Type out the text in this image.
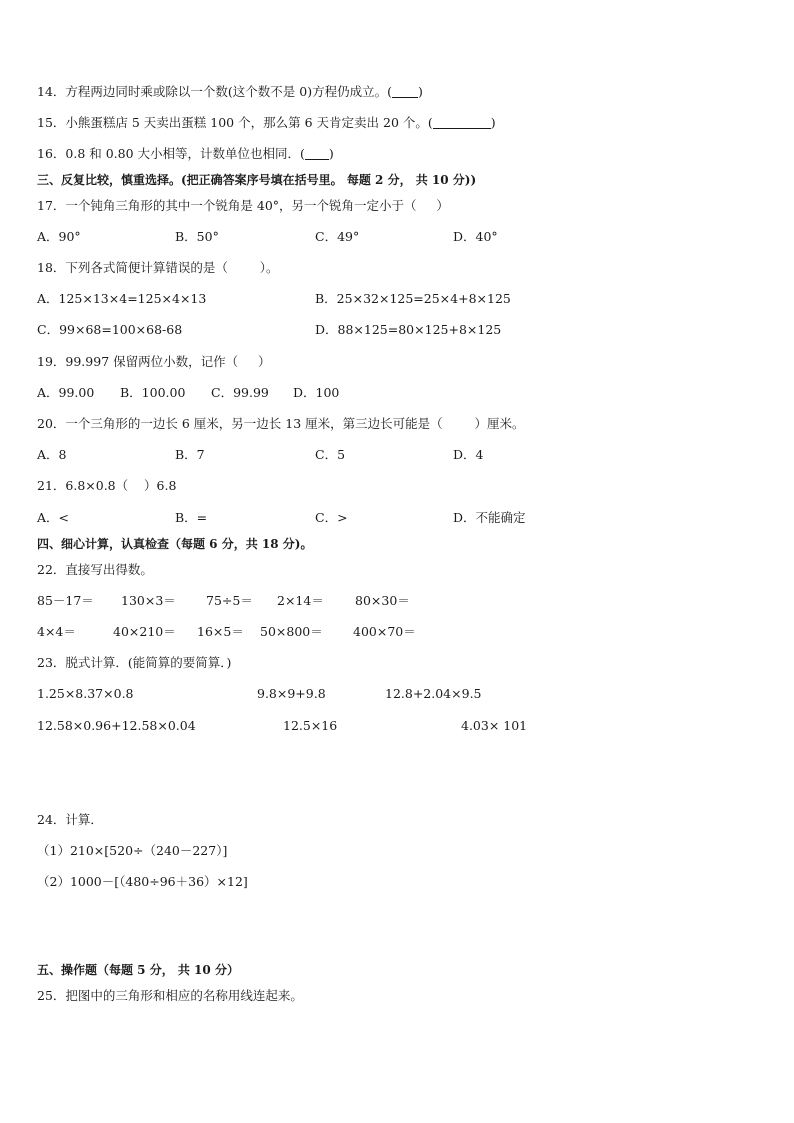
14．方程两边同时乘或除以一个数(这个数不是 0)方程仍成立。( )
15．小熊蛋糕店 5 天卖出蛋糕 100 个，那么第 6 天肯定卖出 20 个。(	)
16．0.8 和 0.80 大小相等，计数单位也相同．( )
三、反复比较，慎重选择。(把正确答案序号填在括号里。 每题 2 分， 共 10 分))
17．一个钝角三角形的其中一个锐角是 40°，另一个锐角一定小于（     ）
A．90°	B．50°	C．49°	D．40°
18．下列各式简便计算错误的是（        ）。
A．125×13×4=125×4×13	B．25×32×125=25×4+8×125
C．99×68=100×68-68	D．88×125=80×125+8×125
19．99.997 保留两位小数，记作（     ）
A．99.00 B．100.00 C．99.99 D．100
20．一个三角形的一边长 6 厘米，另一边长 13 厘米，第三边长可能是（        ）厘米。
A．8	B．7	C．5	D．4
21．6.8×0.8（    ）6.8
A．<	B．=	C．>	D．不能确定
四、细心计算，认真检查（每题 6 分，共 18 分)。
22．直接写出得数。
85－17＝ 130×3＝ 75÷5＝ 2×14＝ 80×30＝
4×4＝	40×210＝ 16×5＝ 50×800＝ 400×70＝
23．脱式计算．(能简算的要简算．)
1.25×8.37×0.8	9.8×9+9.8	12.8+2.04×9.5
12.58×0.96+12.58×0.04	12.5×16	4.03× 101
24．计算．
（1）210×[520÷（240－227）]
（2）1000－[（480÷96＋36）×12]
五、操作题（每题 5 分， 共 10 分）
25．把图中的三角形和相应的名称用线连起来。
